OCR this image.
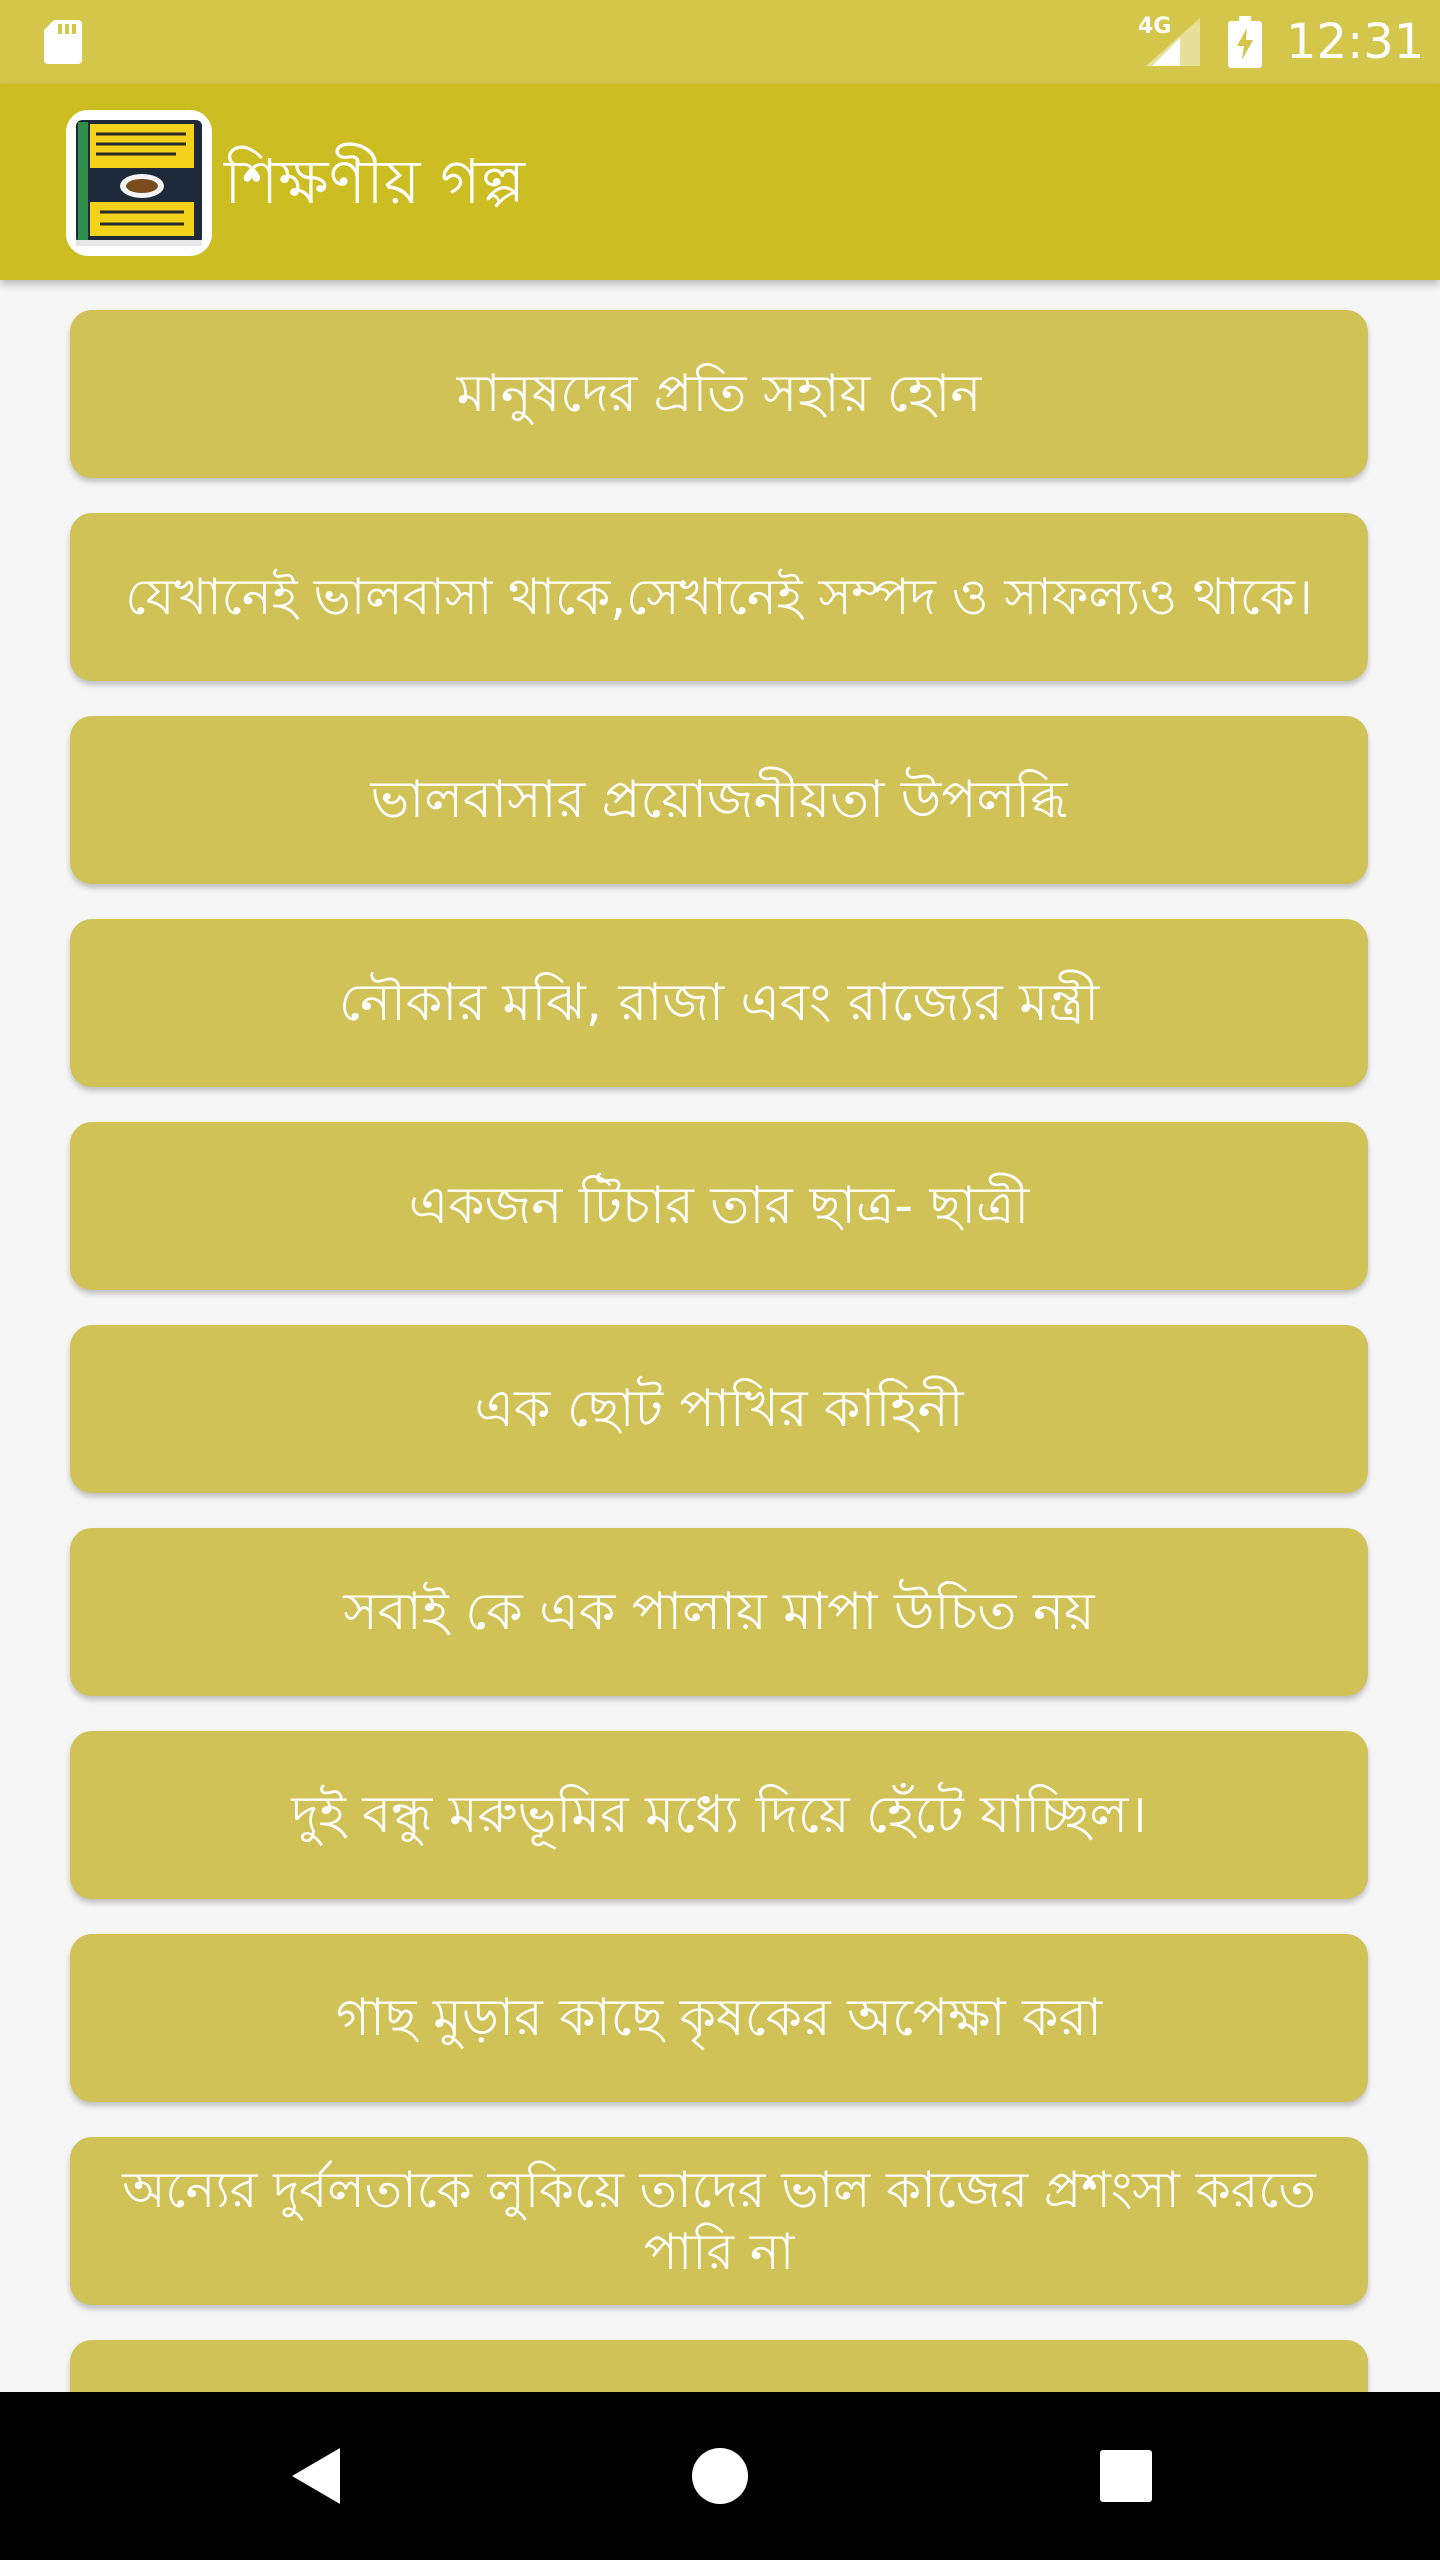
4G 12:31
শিক্ষণীয় গল্প
মানুষদের প্রতি সহায় হোন
যেখানেই ভালবাসা থাকে,সেখানেই সম্পদ ও সাফল্যও থাকে।
ভালবাসার প্রয়োজনীয়তা উপলব্ধি
নৌকার মঝি, রাজা এবং রাজ্যের মন্ত্রী
একজন টিচার তার ছাত্র- ছাত্রী
এক ছোট পাখির কাহিনী
সবাই কে এক পালায় মাপা উচিত নয়
দুই বন্ধু মরুভূমির মধ্যে দিয়ে হেঁটে যাচ্ছিল।
গাছ মুড়ার কাছে কৃষকের অপেক্ষা করা
অন্যের দুর্বলতাকে লুকিয়ে তাদের ভাল কাজের প্রশংসা করতে পারি না
